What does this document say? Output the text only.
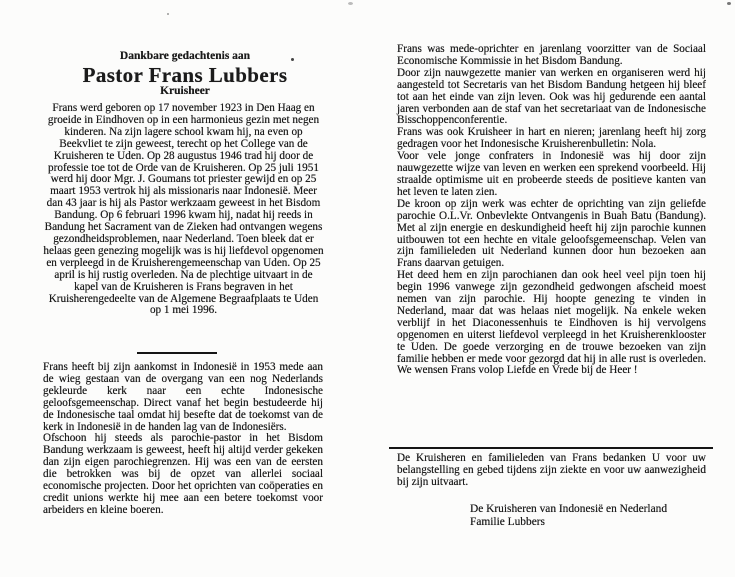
Dankbare gedachtenis aan
Pastor Frans Lubbers
Kruisheer

Frans werd geboren op 17 november 1923 in Den Haag en groeide in Eindhoven op in een harmonieus gezin met negen kinderen. Na zijn lagere school kwam hij, na even op Beekvliet te zijn geweest, terecht op het College van de Kruisheren te Uden. Op 28 augustus 1946 trad hij door de professie toe tot de Orde van de Kruisheren. Op 25 juli 1951 werd hij door Mgr. J. Goumans tot priester gewijd en op 25 maart 1953 vertrok hij als missionaris naar Indonesië. Meer dan 43 jaar is hij als Pastor werkzaam geweest in het Bisdom Bandung. Op 6 februari 1996 kwam hij, nadat hij reeds in Bandung het Sacrament van de Zieken had ontvangen wegens gezondheidsproblemen, naar Nederland. Toen bleek dat er helaas geen genezing mogelijk was is hij liefdevol opgenomen en verpleegd in de Kruisherengemeenschap van Uden. Op 25 april is hij rustig overleden. Na de plechtige uitvaart in de kapel van de Kruisheren is Frans begraven in het Kruisherengedeelte van de Algemene Begraafplaats te Uden op 1 mei 1996.

Frans heeft bij zijn aankomst in Indonesië in 1953 mede aan de wieg gestaan van de overgang van een nog Nederlands gekleurde kerk naar een echte Indonesische geloofsgemeenschap. Direct vanaf het begin bestudeerde hij de Indonesische taal omdat hij besefte dat de toekomst van de kerk in Indonesië in de handen lag van de Indonesiërs.

Ofschoon hij steeds als parochie-pastor in het Bisdom Bandung werkzaam is geweest, heeft hij altijd verder gekeken dan zijn eigen parochiegrenzen. Hij was een van de eersten die betrokken was bij de opzet van allerlei sociaal economische projecten. Door het oprichten van coöperaties en credit unions werkte hij mee aan een betere toekomst voor arbeiders en kleine boeren.

Frans was mede-oprichter en jarenlang voorzitter van de Sociaal Economische Kommissie in het Bisdom Bandung.

Door zijn nauwgezette manier van werken en organiseren werd hij aangesteld tot Secretaris van het Bisdom Bandung hetgeen hij bleef tot aan het einde van zijn leven. Ook was hij gedurende een aantal jaren verbonden aan de staf van het secretariaat van de Indonesische Bisschoppenconferentie.

Frans was ook Kruisheer in hart en nieren; jarenlang heeft hij zorg gedragen voor het Indonesische Kruisherenbulletin: Nola.

Voor vele jonge confraters in Indonesië was hij door zijn nauwgezette wijze van leven en werken een sprekend voorbeeld. Hij straalde optimisme uit en probeerde steeds de positieve kanten van het leven te laten zien.

De kroon op zijn werk was echter de oprichting van zijn geliefde parochie O.L.Vr. Onbevlekte Ontvangenis in Buah Batu (Bandung). Met al zijn energie en deskundigheid heeft hij zijn parochie kunnen uitbouwen tot een hechte en vitale geloofsgemeenschap. Velen van zijn familieleden uit Nederland kunnen door hun bezoeken aan Frans daarvan getuigen.

Het deed hem en zijn parochianen dan ook heel veel pijn toen hij begin 1996 vanwege zijn gezondheid gedwongen afscheid moest nemen van zijn parochie. Hij hoopte genezing te vinden in Nederland, maar dat was helaas niet mogelijk. Na enkele weken verblijf in het Diaconessenhuis te Eindhoven is hij vervolgens opgenomen en uiterst liefdevol verpleegd in het Kruisherenklooster te Uden. De goede verzorging en de trouwe bezoeken van zijn familie hebben er mede voor gezorgd dat hij in alle rust is overleden. We wensen Frans volop Liefde en Vrede bij de Heer !

De Kruisheren en familieleden van Frans bedanken U voor uw belangstelling en gebed tijdens zijn ziekte en voor uw aanwezigheid bij zijn uitvaart.

De Kruisheren van Indonesië en Nederland
Familie Lubbers
